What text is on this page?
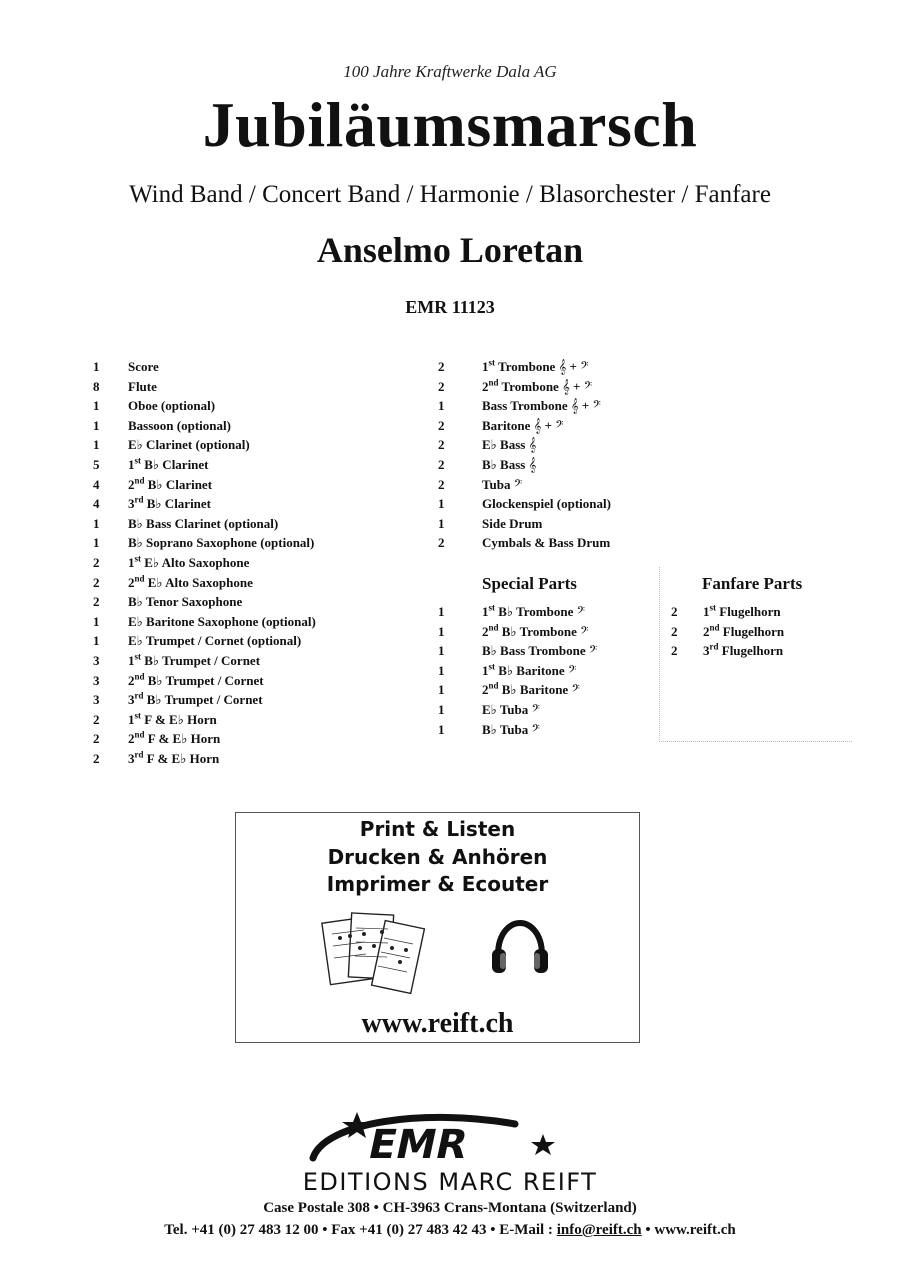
100 Jahre Kraftwerke Dala AG
Jubiläumsmarsch
Wind Band / Concert Band / Harmonie / Blasorchester / Fanfare
Anselmo Loretan
EMR 11123
1 Score
8 Flute
1 Oboe (optional)
1 Bassoon (optional)
1 E♭ Clarinet (optional)
5 1st B♭ Clarinet
4 2nd B♭ Clarinet
4 3rd B♭ Clarinet
1 B♭ Bass Clarinet (optional)
1 B♭ Soprano Saxophone (optional)
2 1st E♭ Alto Saxophone
2 2nd E♭ Alto Saxophone
2 B♭ Tenor Saxophone
1 E♭ Baritone Saxophone (optional)
1 E♭ Trumpet / Cornet (optional)
3 1st B♭ Trumpet / Cornet
3 2nd B♭ Trumpet / Cornet
3 3rd B♭ Trumpet / Cornet
2 1st F & E♭ Horn
2 2nd F & E♭ Horn
2 3rd F & E♭ Horn
2	1st Trombone 𝄞 + 𝄢
2	2nd Trombone 𝄞 + 𝄢
1	Bass Trombone 𝄞 + 𝄢
2	Baritone 𝄞 + 𝄢
2	E♭ Bass 𝄞
2	B♭ Bass 𝄞
2	Tuba 𝄢
1	Glockenspiel (optional)
1	Side Drum
2	Cymbals & Bass Drum
Special Parts
1	1st B♭ Trombone 𝄢
1	2nd B♭ Trombone 𝄢
1	B♭ Bass Trombone 𝄢
1	1st B♭ Baritone 𝄢
1	2nd B♭ Baritone 𝄢
1	E♭ Tuba 𝄢
1	B♭ Tuba 𝄢
Fanfare Parts
2 1st Flugelhorn
2 2nd Flugelhorn
2 3rd Flugelhorn
Print & Listen
Drucken & Anhören
Imprimer & Ecouter
www.reift.ch
EMR
EDITIONS MARC REIFT
Case Postale 308 • CH-3963 Crans-Montana (Switzerland)
Tel. +41 (0) 27 483 12 00 • Fax +41 (0) 27 483 42 43 • E-Mail : info@reift.ch • www.reift.ch
